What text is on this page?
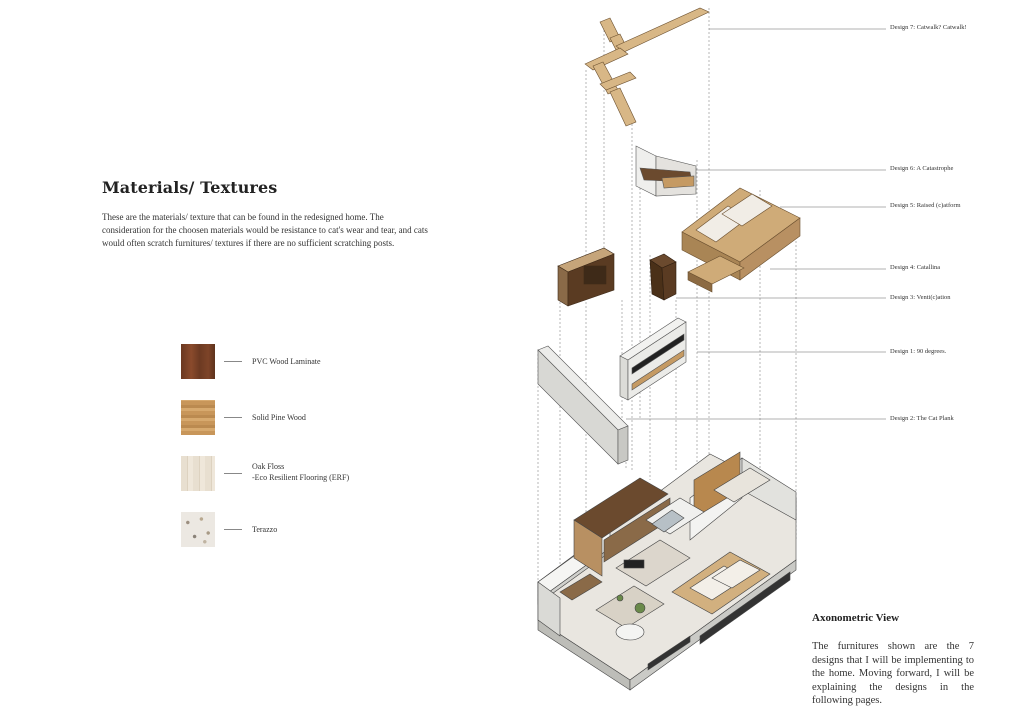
Materials/ Textures
These are the materials/ texture that can be found in the redesigned home. The consideration for the choosen materials would be resistance to cat's wear and tear, and cats would often scratch furnitures/ textures if there are no sufficient scratching posts.
PVC Wood Laminate
Solid Pine Wood
Oak Floss
-Eco Resilient Flooring (ERF)
Terazzo
Design 7: Catwalk? Catwalk!
Design 6: A Catastrophe
Design 5: Raised (c)atform
Design 4: Catallina
Design 3: Venti(c)ation
Design 1: 90 degrees.
Design 2: The Cat Plank
Axonometric View
The furnitures shown are the 7 designs that I will be implementing to the home. Moving forward, I will be explaining the designs in the following pages.
